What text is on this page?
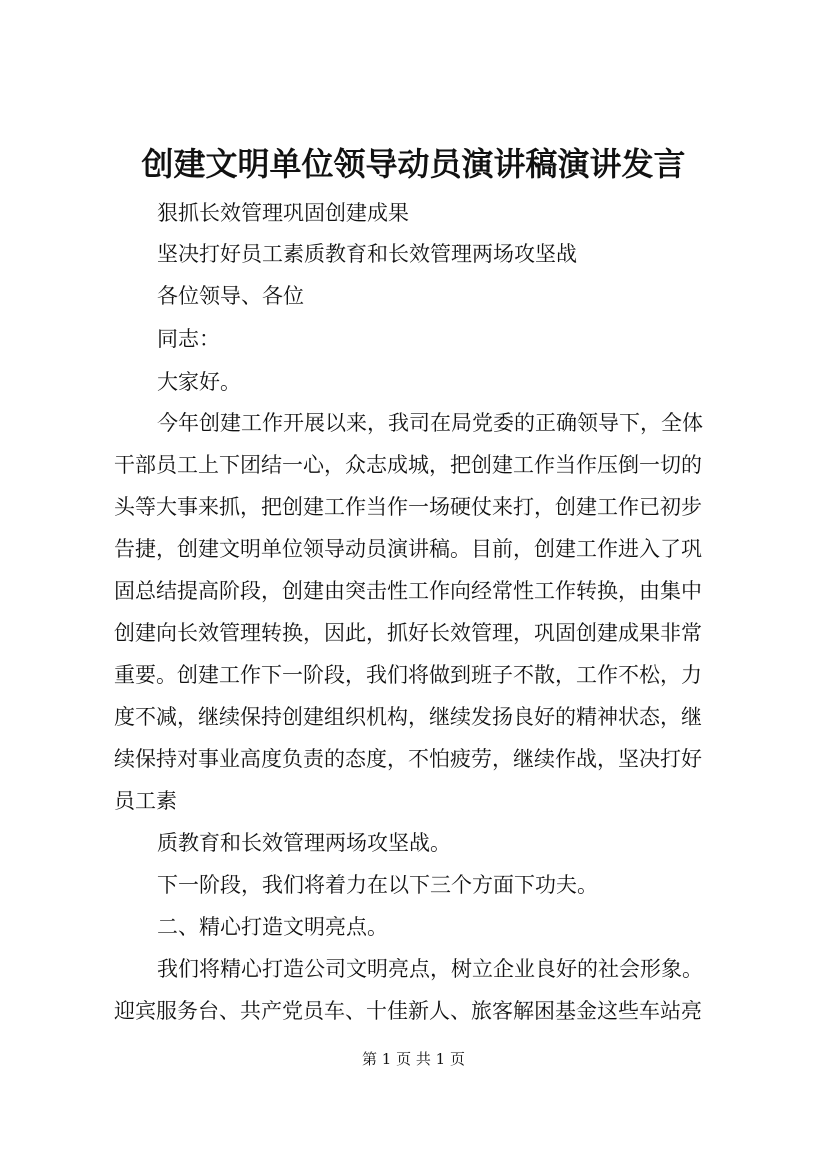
创建文明单位领导动员演讲稿演讲发言

狠抓长效管理巩固创建成果

坚决打好员工素质教育和长效管理两场攻坚战

各位领导、各位

同志：

大家好。

今年创建工作开展以来，我司在局党委的正确领导下，全体

干部员工上下团结一心，众志成城，把创建工作当作压倒一切的

头等大事来抓，把创建工作当作一场硬仗来打，创建工作已初步

告捷，创建文明单位领导动员演讲稿。目前，创建工作进入了巩

固总结提高阶段，创建由突击性工作向经常性工作转换，由集中

创建向长效管理转换，因此，抓好长效管理，巩固创建成果非常

重要。创建工作下一阶段，我们将做到班子不散，工作不松，力

度不减，继续保持创建组织机构，继续发扬良好的精神状态，继

续保持对事业高度负责的态度，不怕疲劳，继续作战，坚决打好

员工素

质教育和长效管理两场攻坚战。

下一阶段，我们将着力在以下三个方面下功夫。

二、精心打造文明亮点。

我们将精心打造公司文明亮点，树立企业良好的社会形象。

迎宾服务台、共产党员车、十佳新人、旅客解困基金这些车站亮

第 1 页 共 1 页
